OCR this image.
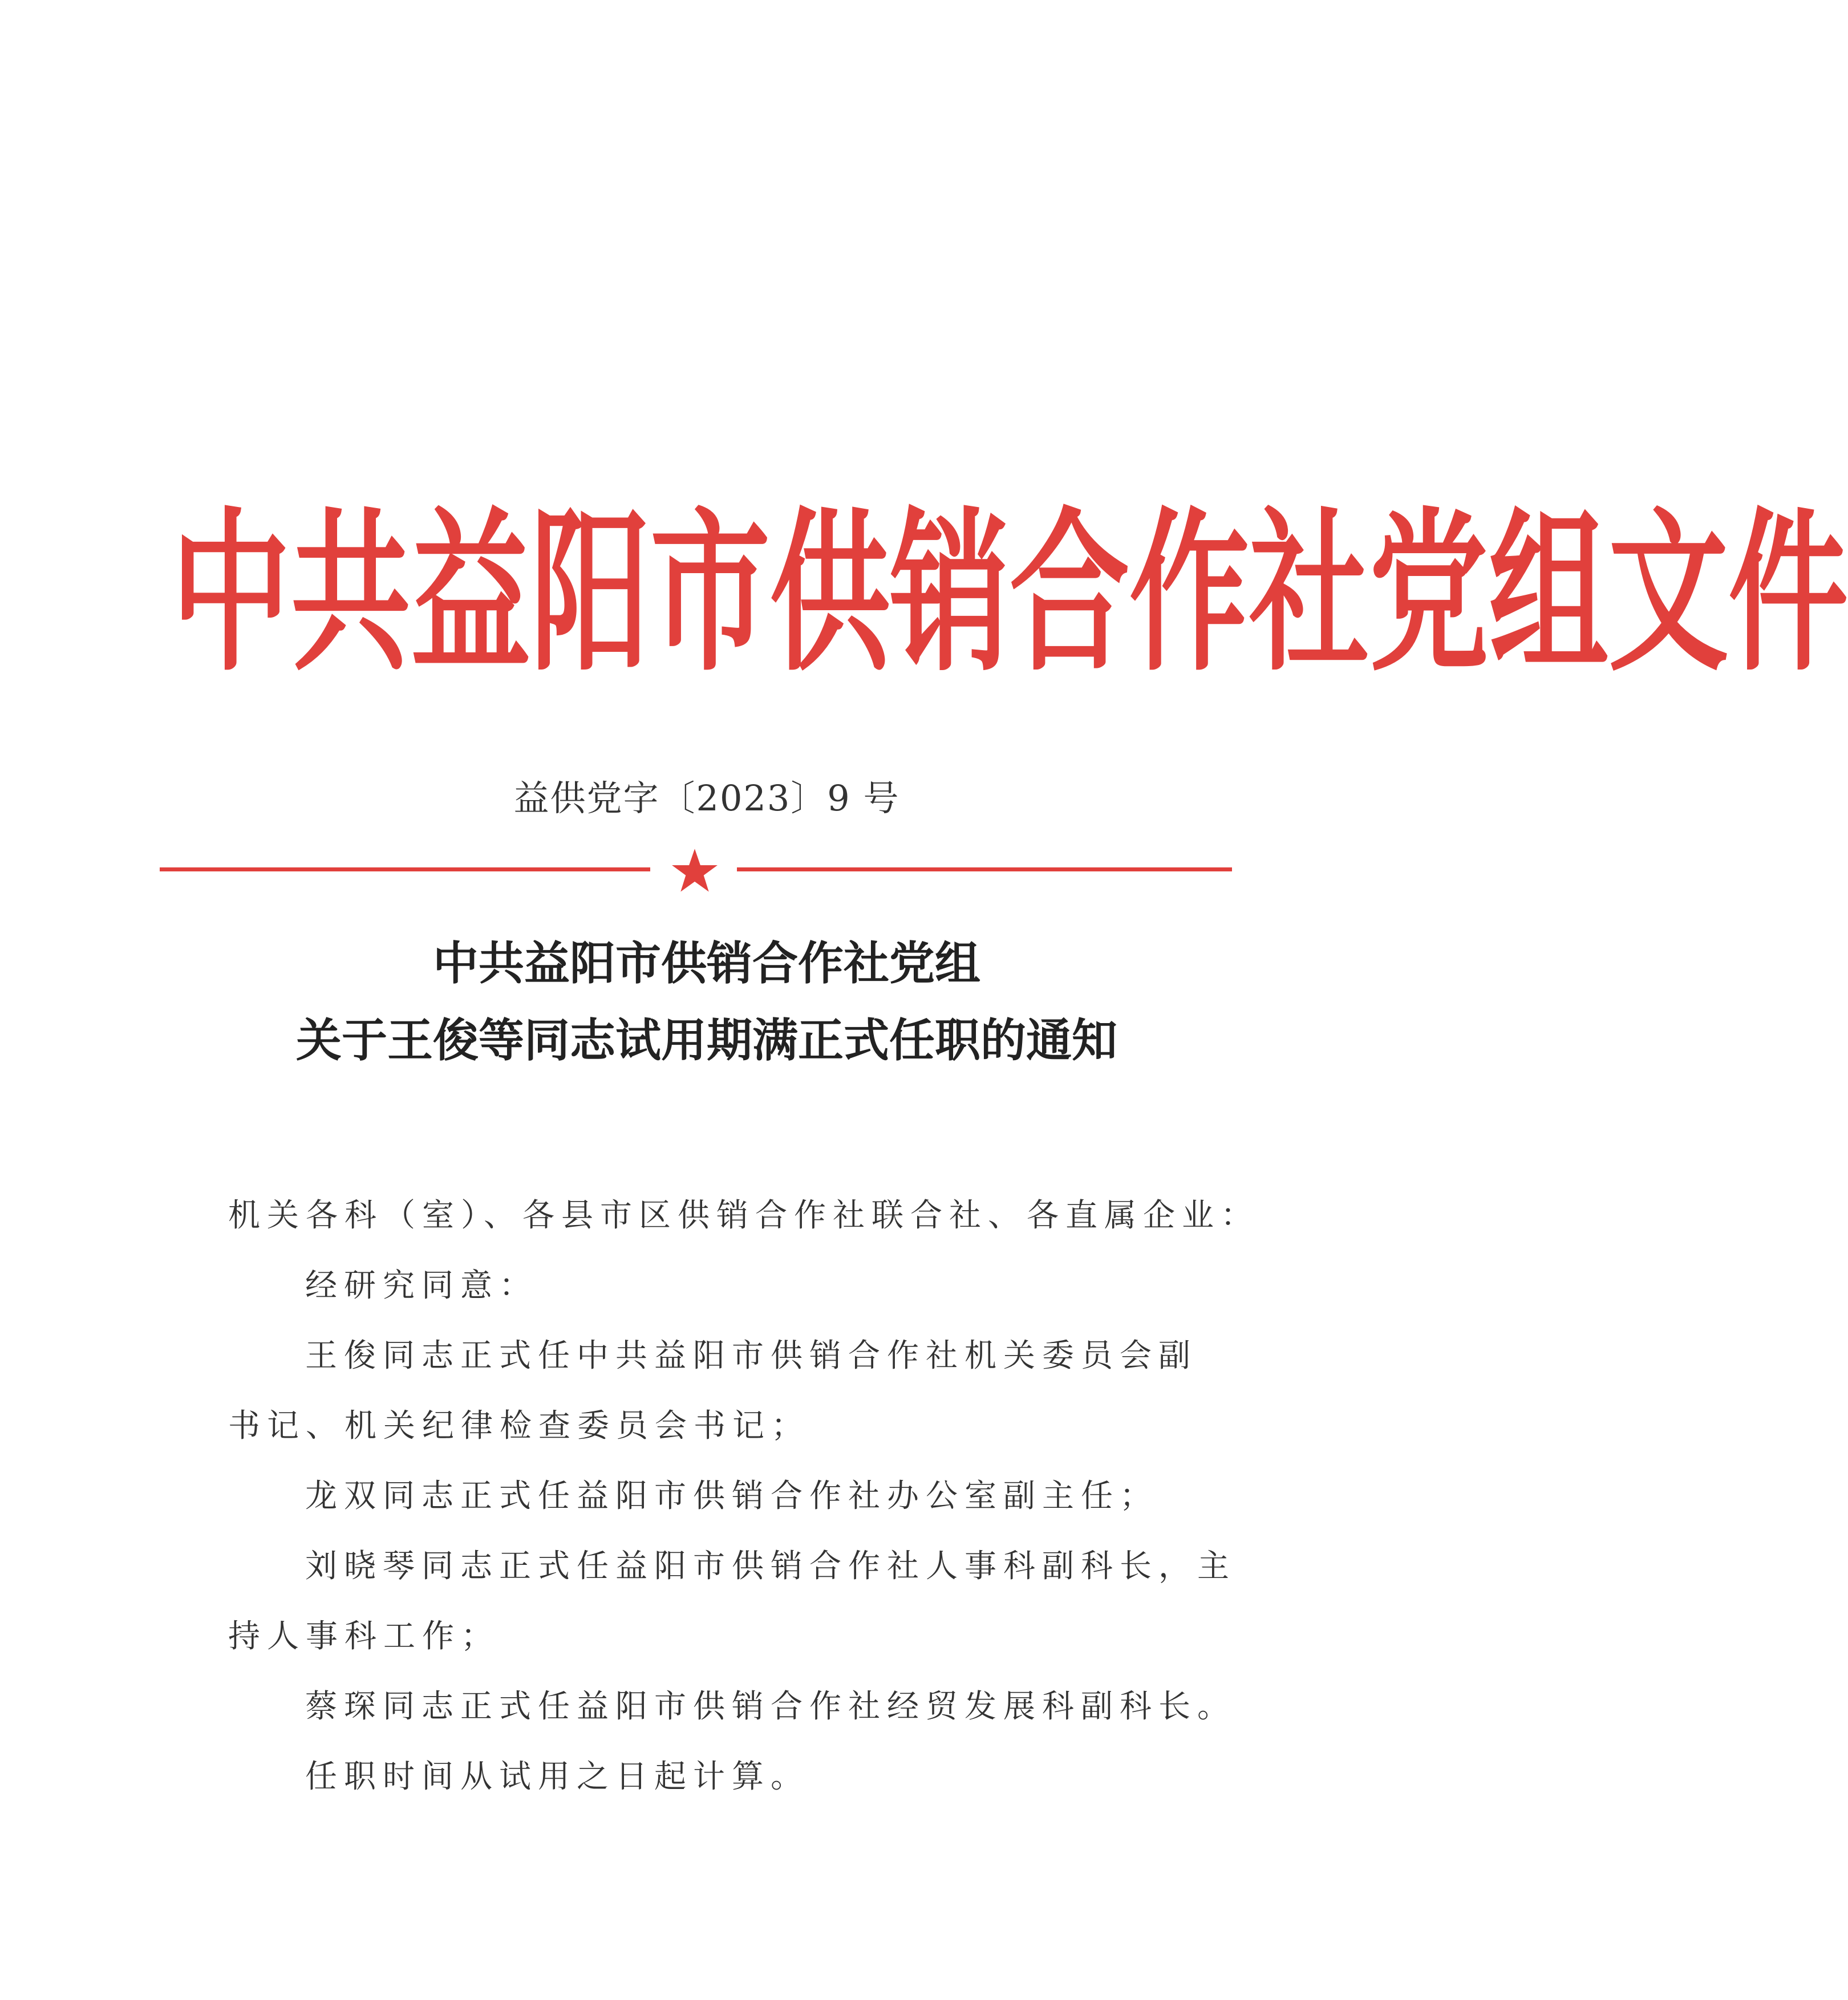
中 共 益 阳 市 供 销 合 作 社 党 组 文 件
益供党字〔2023〕9 号
中共益阳市供销合作社党组
关于王俊等同志试用期满正式任职的通知
机关各科（室）、各县市区供销合作社联合社、各直属企业：
经研究同意：
王俊同志正式任中共益阳市供销合作社机关委员会副
书记、机关纪律检查委员会书记；
龙双同志正式任益阳市供销合作社办公室副主任；
刘晓琴同志正式任益阳市供销合作社人事科副科长，主
持人事科工作；
蔡琛同志正式任益阳市供销合作社经贸发展科副科长。
任职时间从试用之日起计算。
